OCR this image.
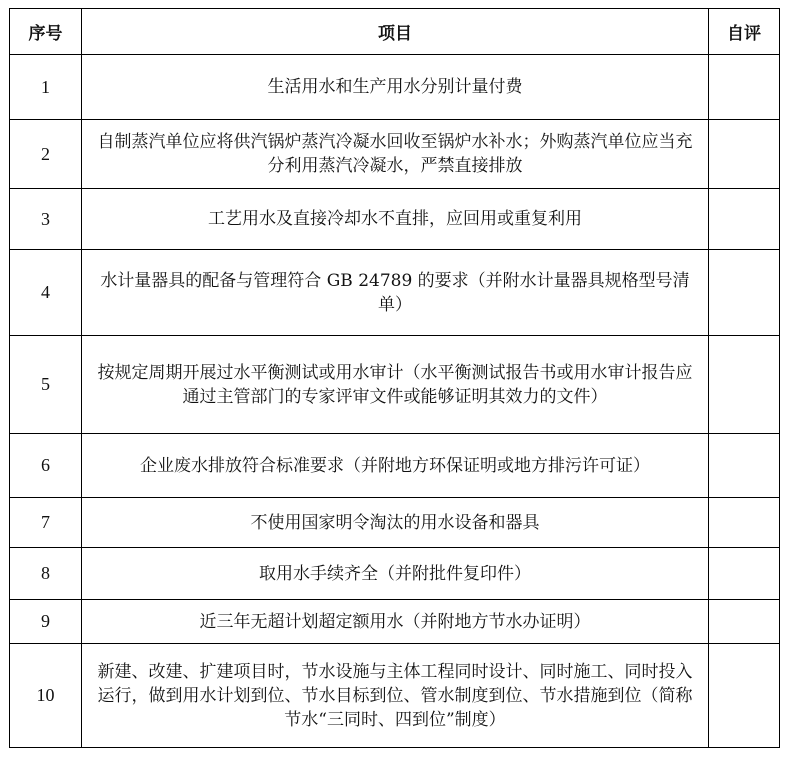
序号	项目	自评
1	生活用水和生产用水分别计量付费	
2	自制蒸汽单位应将供汽锅炉蒸汽冷凝水回收至锅炉水补水；外购蒸汽单位应当充分利用蒸汽冷凝水，严禁直接排放	
3	工艺用水及直接冷却水不直排，应回用或重复利用	
4	水计量器具的配备与管理符合 GB 24789 的要求（并附水计量器具规格型号清单）	
5	按规定周期开展过水平衡测试或用水审计（水平衡测试报告书或用水审计报告应通过主管部门的专家评审文件或能够证明其效力的文件）	
6	企业废水排放符合标准要求（并附地方环保证明或地方排污许可证）	
7	不使用国家明令淘汰的用水设备和器具	
8	取用水手续齐全（并附批件复印件）	
9	近三年无超计划超定额用水（并附地方节水办证明）	
10	新建、改建、扩建项目时，节水设施与主体工程同时设计、同时施工、同时投入运行，做到用水计划到位、节水目标到位、管水制度到位、节水措施到位（简称节水“三同时、四到位”制度）	
